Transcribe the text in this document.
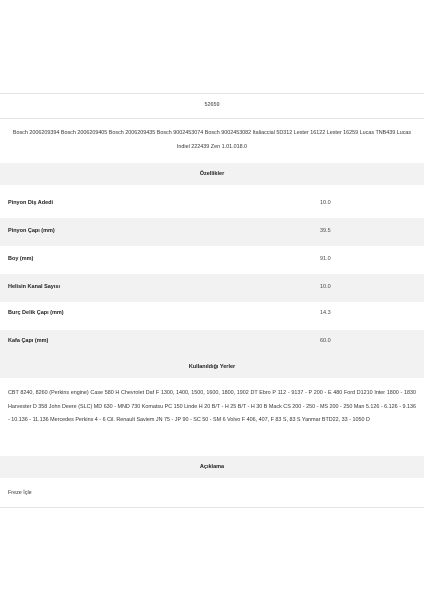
52659
Bosch 2006209394 Bosch 2006209405 Bosch 2006209435 Bosch 9002453074 Bosch 9002453082 Italiaccial 5D312 Lester 16122 Lester 16259 Lucas TNB439 Lucas Indiel 222439 Zen 1.01.018.0
Özellikler
Pinyon Diş Adedi	10.0
Pinyon Çapı (mm)	39.5
Boy (mm)	91.0
Helisin Kanal Sayısı	10.0
Burç Delik Çapı (mm)	14.3
Kafa Çapı (mm)	60.0
Kullanıldığı Yerler
CBT 8240, 8260 (Perkins engine) Case 580 H Chevrolet Daf F 1300, 1400, 1500, 1600, 1800, 1902 DT Ebro P 112 - 9137 - P 200 - E 480 Ford D1210 Inter 1800 - 1830 Harvester D 358 John Deere (SLC) MD 630 - MND 730 Komatsu PC 150 Linde H 20 B/T - H 25 B/T - H 30 B Mack CS 200 - 250 - MS 200 - 250 Man 5.126 - 6.126 - 9.136 - 10.136 - 11.136 Mercedes Perkins 4 - 6 Cil. Renault Saviem JN 75 - JP 90 - SC 50 - SM 6 Volvo F 406, 407, F 83 S, 83 S Yanmar BTD22, 33 - 1050 D
Açıklama
Freze İçle
